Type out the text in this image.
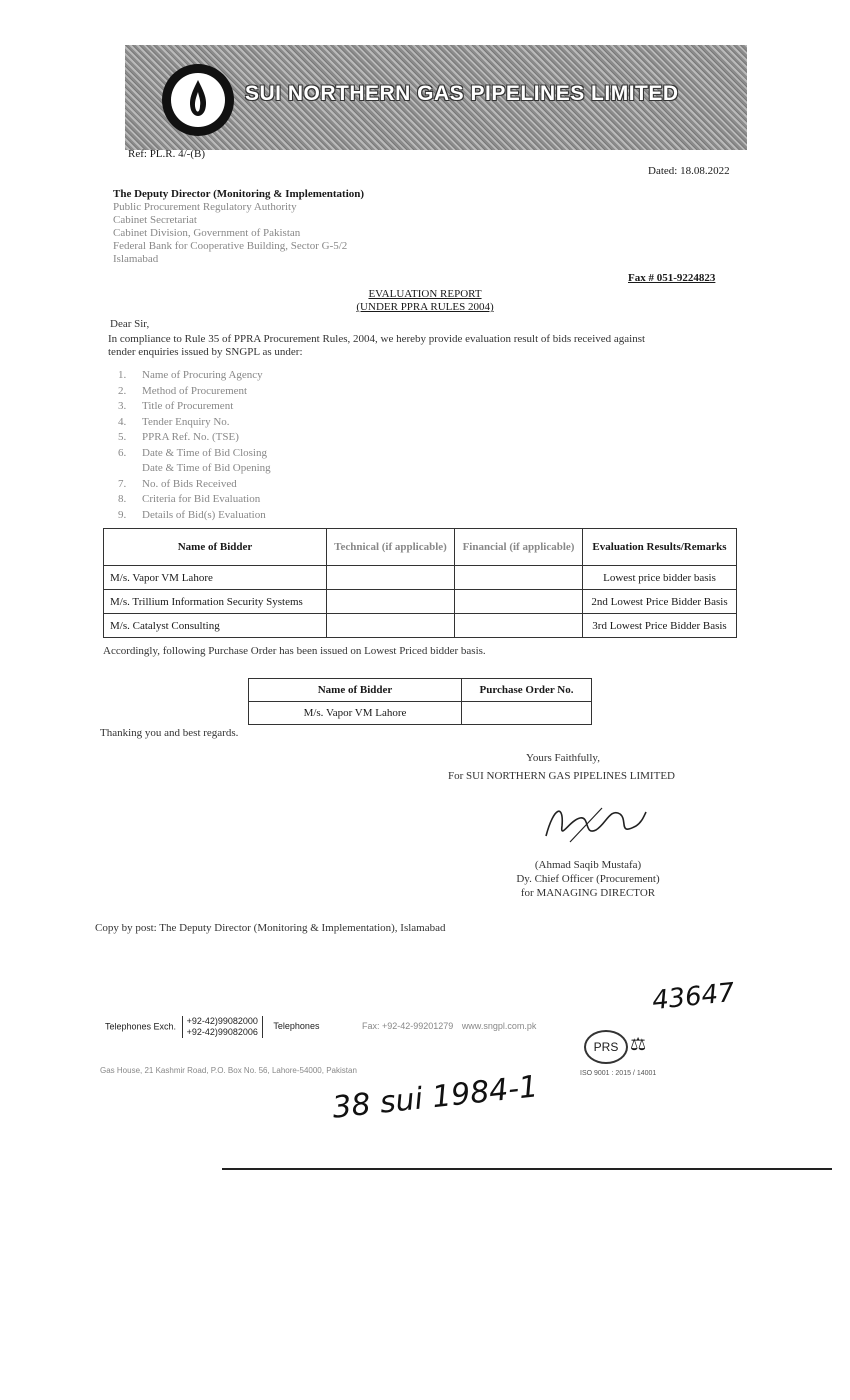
SUI NORTHERN GAS PIPELINES LIMITED
Ref: PL.R. 4/-(B)
Dated: 18.08.2022
The Deputy Director (Monitoring & Implementation)
Public Procurement Regulatory Authority
Cabinet Secretariat
Cabinet Division, Government of Pakistan
Federal Bank for Cooperative Building, Sector G-5/2
Islamabad
Fax # 051-9224823
EVALUATION REPORT
(UNDER PPRA RULES 2004)
Dear Sir,
In compliance to Rule 35 of PPRA Procurement Rules, 2004, we hereby provide evaluation result of bids received against
tender enquiries issued by SNGPL as under:
1.	Name of Procuring Agency
2.	Method of Procurement
3.	Title of Procurement
4.	Tender Enquiry No.
5.	PPRA Ref. No. (TSE)
6.	Date & Time of Bid Closing
Date & Time of Bid Opening
7.	No. of Bids Received
8.	Criteria for Bid Evaluation
9.	Details of Bid(s) Evaluation
Name of Bidder	Technical (if applicable)	Financial (if applicable)	Evaluation Results/Remarks
M/s. Vapor VM Lahore			Lowest price bidder basis
M/s. Trillium Information Security Systems			2nd Lowest Price Bidder Basis
M/s. Catalyst Consulting			3rd Lowest Price Bidder Basis
Accordingly, following Purchase Order has been issued on Lowest Priced bidder basis.
Name of Bidder	Purchase Order No.
M/s. Vapor VM Lahore	
Thanking you and best regards.
Yours Faithfully,
For SUI NORTHERN GAS PIPELINES LIMITED
(Ahmad Saqib Mustafa)
Dy. Chief Officer (Procurement)
for MANAGING DIRECTOR
Copy by post: The Deputy Director (Monitoring & Implementation), Islamabad
Telephones Exch.
+92-42)99082000
+92-42)99082006
Telephones	Fax: +92-42-99201279 www.sngpl.com.pk
PRS ⚖
Gas House, 21 Kashmir Road, P.O. Box No. 56, Lahore-54000, Pakistan	ISO 9001 : 2015 / 14001
43647
38 sui 1984-1
